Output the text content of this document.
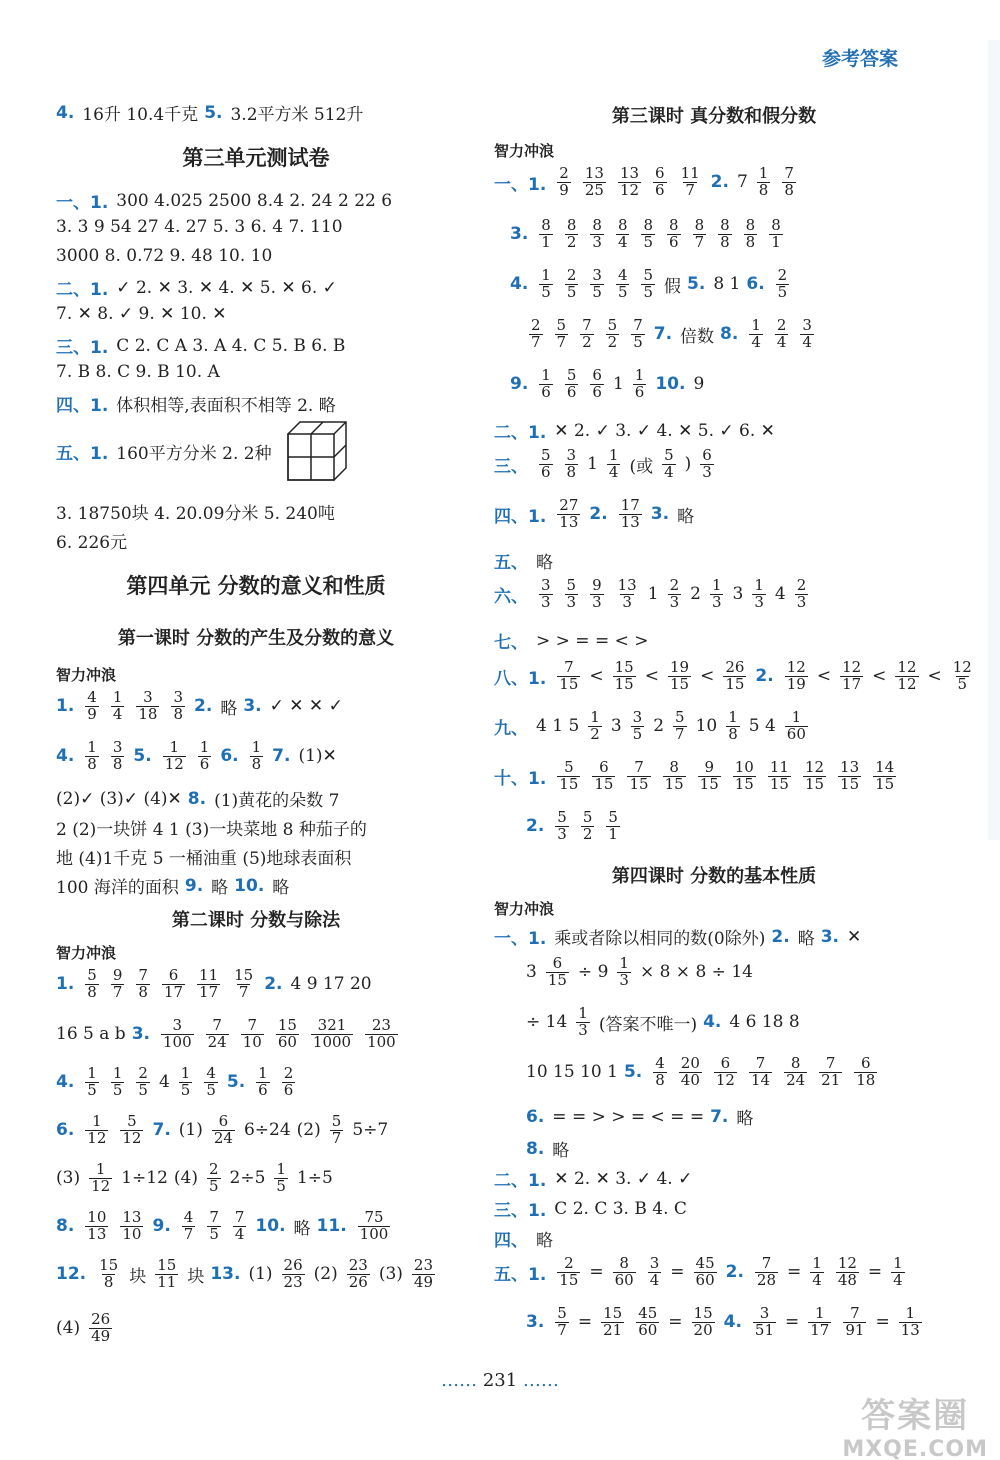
参考答案
4. 16升 10.4千克 5. 3.2平方米 512升
第三单元测试卷
一、1. 300 4.025 2500 8.4 2. 24 2 22 6
3. 3 9 54 27 4. 27 5. 3 6. 4 7. 110
3000 8. 0.72 9. 48 10. 10
二、1. ✓ 2. ✕ 3. ✕ 4. ✕ 5. ✕ 6. ✓
7. ✕ 8. ✓ 9. ✕ 10. ✕
三、1. C 2. C A 3. A 4. C 5. B 6. B
7. B 8. C 9. B 10. A
四、1. 体积相等,表面积不相等 2. 略
五、1. 160平方分米 2. 2种
3. 18750块 4. 20.09分米 5. 240吨
6. 226元
第四单元 分数的意义和性质
第一课时 分数的产生及分数的意义
智力冲浪
1. $\frac{4}{9} \frac{1}{4} \frac{3}{18} \frac{3}{8} 2$. 略 3. ✓ ✕ ✕ ✓
4. $\frac{1}{8} \frac{3}{8} 5$. $\frac{1}{12} \frac{1}{6} 6$. $\frac{1}{8} 7$. (1)✕
(2)✓ (3)✓ (4)✕ 8. (1)黄花的朵数 7
2 (2)一块饼 4 1 (3)一块菜地 8 种茄子的
地 (4)1千克 5 一桶油重 (5)地球表面积
100 海洋的面积 9. 略 10. 略
第二课时 分数与除法
智力冲浪
1. $\frac{5}{8} \frac{9}{7} \frac{7}{8} \frac{6}{17} \frac{11}{17} \frac{15}{7} 2$. 4 9 17 20
16 5 a b 3. $\frac{3}{100} \frac{7}{24} \frac{7}{10} \frac{15}{60} \frac{321}{1000} \frac{23}{100}$
4. $\frac{1}{5} \frac{1}{5} \frac{2}{5} 4 \frac{1}{5} \frac{4}{5} 5$. $\frac{1}{6} \frac{2}{6}$
6. $\frac{1}{12} \frac{5}{12} 7$. $(1) \frac{6}{24} 6\div 24$ $(2) \frac{5}{7} 5\div 7$
$(3) \frac{1}{12} 1\div 12$ $(4) \frac{2}{5} 2\div 5 \frac{1}{5} 1\div 5$
8. $\frac{10}{13} \frac{13}{10} 9$. $\frac{4}{7} \frac{7}{5} \frac{7}{4} 10$. 略 11. $\frac{75}{100}$
12. $\frac{15}{8}$ 块 $\frac{15}{11}$ 块 13. $(1) \frac{26}{23} (2) \frac{23}{26} (3) \frac{23}{49}$
$(4) \frac{26}{49}$
第三课时 真分数和假分数
智力冲浪
一、1. $\frac{2}{9} \frac{13}{25} \frac{13}{12} \frac{6}{6} \frac{11}{7} 2$. $7 \frac{1}{8} \frac{7}{8}$
3. $\frac{8}{1} \frac{8}{2} \frac{8}{3} \frac{8}{4} \frac{8}{5} \frac{8}{6} \frac{8}{7} \frac{8}{8} \frac{8}{8} \frac{8}{1}$
4. $\frac{1}{5} \frac{2}{5} \frac{3}{5} \frac{4}{5} \frac{5}{5}$ 假 5. 8 1 6. $\frac{2}{5}$
$\frac{2}{7} \frac{5}{7} \frac{7}{2} \frac{5}{2} \frac{7}{5} 7$. 倍数 8. $\frac{1}{4} \frac{2}{4} \frac{3}{4}$
9. $\frac{1}{6} \frac{5}{6} \frac{6}{6} 1 \frac{1}{6} 10$. 9
二、1. ✕ 2. ✓ 3. ✓ 4. ✕ 5. ✓ 6. ✕
三、 $\frac{5}{6} \frac{3}{8} 1 \frac{1}{4}$ (或 $\frac{5}{4}$ ) $\frac{6}{3}$
四、1. $\frac{27}{13} 2$. $\frac{17}{13} 3$. 略
五、 略
六、 $\frac{3}{3} \frac{5}{3} \frac{9}{3} \frac{13}{3} 1 \frac{2}{3} 2 \frac{1}{3} 3 \frac{1}{3} 4 \frac{2}{3}$
七、 > > = = < >
八、1. $\frac{7}{15} < \frac{15}{15} < \frac{19}{15} < \frac{26}{15} 2$. $\frac{12}{19} < \frac{12}{17} < \frac{12}{12} < \frac{12}{5}$
九、 4 1 $5 \frac{1}{2} 3 \frac{3}{5} 2 \frac{5}{7} 10 \frac{1}{8} 5$ $4 \frac{1}{60}$
十、1. $\frac{5}{15} \frac{6}{15} \frac{7}{15} \frac{8}{15} \frac{9}{15} \frac{10}{15} \frac{11}{15} \frac{12}{15} \frac{13}{15} \frac{14}{15}$
2. $\frac{5}{3} \frac{5}{2} \frac{5}{1}$
第四课时 分数的基本性质
智力冲浪
一、1. 乘或者除以相同的数(0除外) 2. 略 3. ✕
$3 \frac{6}{15} \div 9 \frac{1}{3} \times 8 \times 8 \div 14$
÷ $14 \frac{1}{3}$ (答案不唯一) 4. 4 6 18 8
10 15 10 1 5. $\frac{4}{8} \frac{20}{40} \frac{6}{12} \frac{7}{14} \frac{8}{24} \frac{7}{21} \frac{6}{18}$
6. = = > > = < = = 7. 略
8. 略
二、1. ✕ 2. ✕ 3. ✓ 4. ✓
三、1. C 2. C 3. B 4. C
四、 略
五、1. $\frac{2}{15} = \frac{8}{60} \frac{3}{4} = \frac{45}{60} 2$. $\frac{7}{28} = \frac{1}{4} \frac{12}{48} = \frac{1}{4}$
3. $\frac{5}{7} = \frac{15}{21} \frac{45}{60} = \frac{15}{20} 4$. $\frac{3}{51} = \frac{1}{17} \frac{7}{91} = \frac{1}{13}$
…… 231 ……
答案圈
MXQE.COM
